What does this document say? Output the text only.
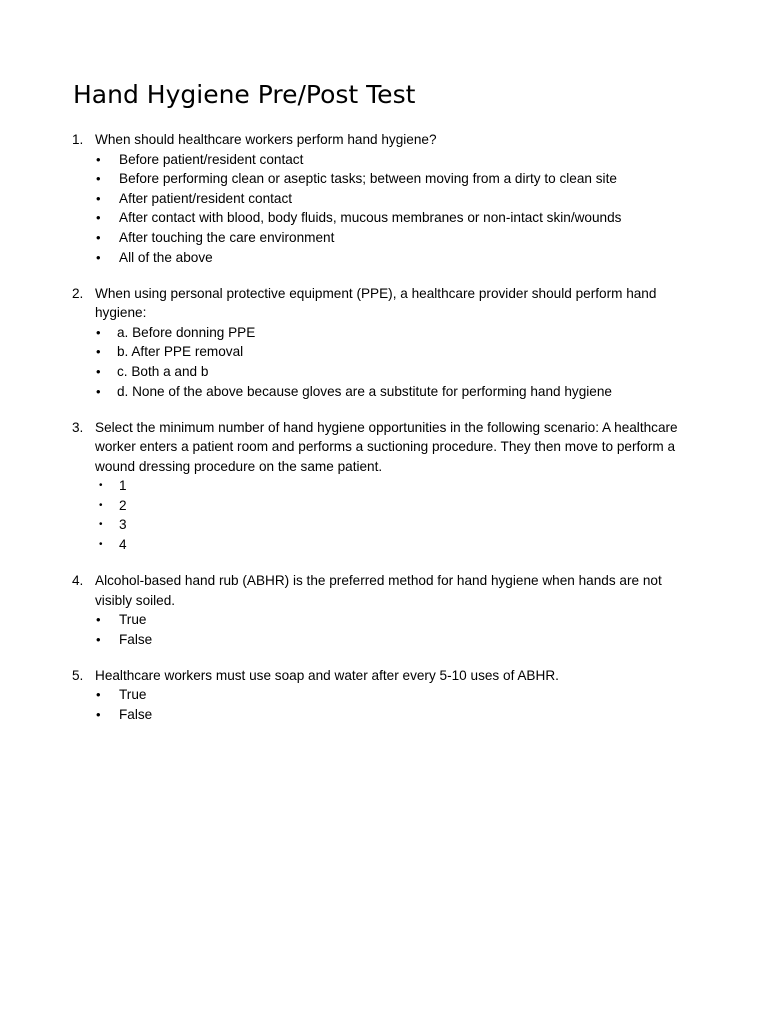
Hand Hygiene Pre/Post Test
1. When should healthcare workers perform hand hygiene?
• Before patient/resident contact
• Before performing clean or aseptic tasks; between moving from a dirty to clean site
• After patient/resident contact
• After contact with blood, body fluids, mucous membranes or non-intact skin/wounds
• After touching the care environment
• All of the above
2. When using personal protective equipment (PPE), a healthcare provider should perform hand hygiene:
• a. Before donning PPE
• b. After PPE removal
• c. Both a and b
• d. None of the above because gloves are a substitute for performing hand hygiene
3. Select the minimum number of hand hygiene opportunities in the following scenario: A healthcare worker enters a patient room and performs a suctioning procedure. They then move to perform a wound dressing procedure on the same patient.
• 1
• 2
• 3
• 4
4. Alcohol-based hand rub (ABHR) is the preferred method for hand hygiene when hands are not visibly soiled.
• True
• False
5. Healthcare workers must use soap and water after every 5-10 uses of ABHR.
• True
• False
